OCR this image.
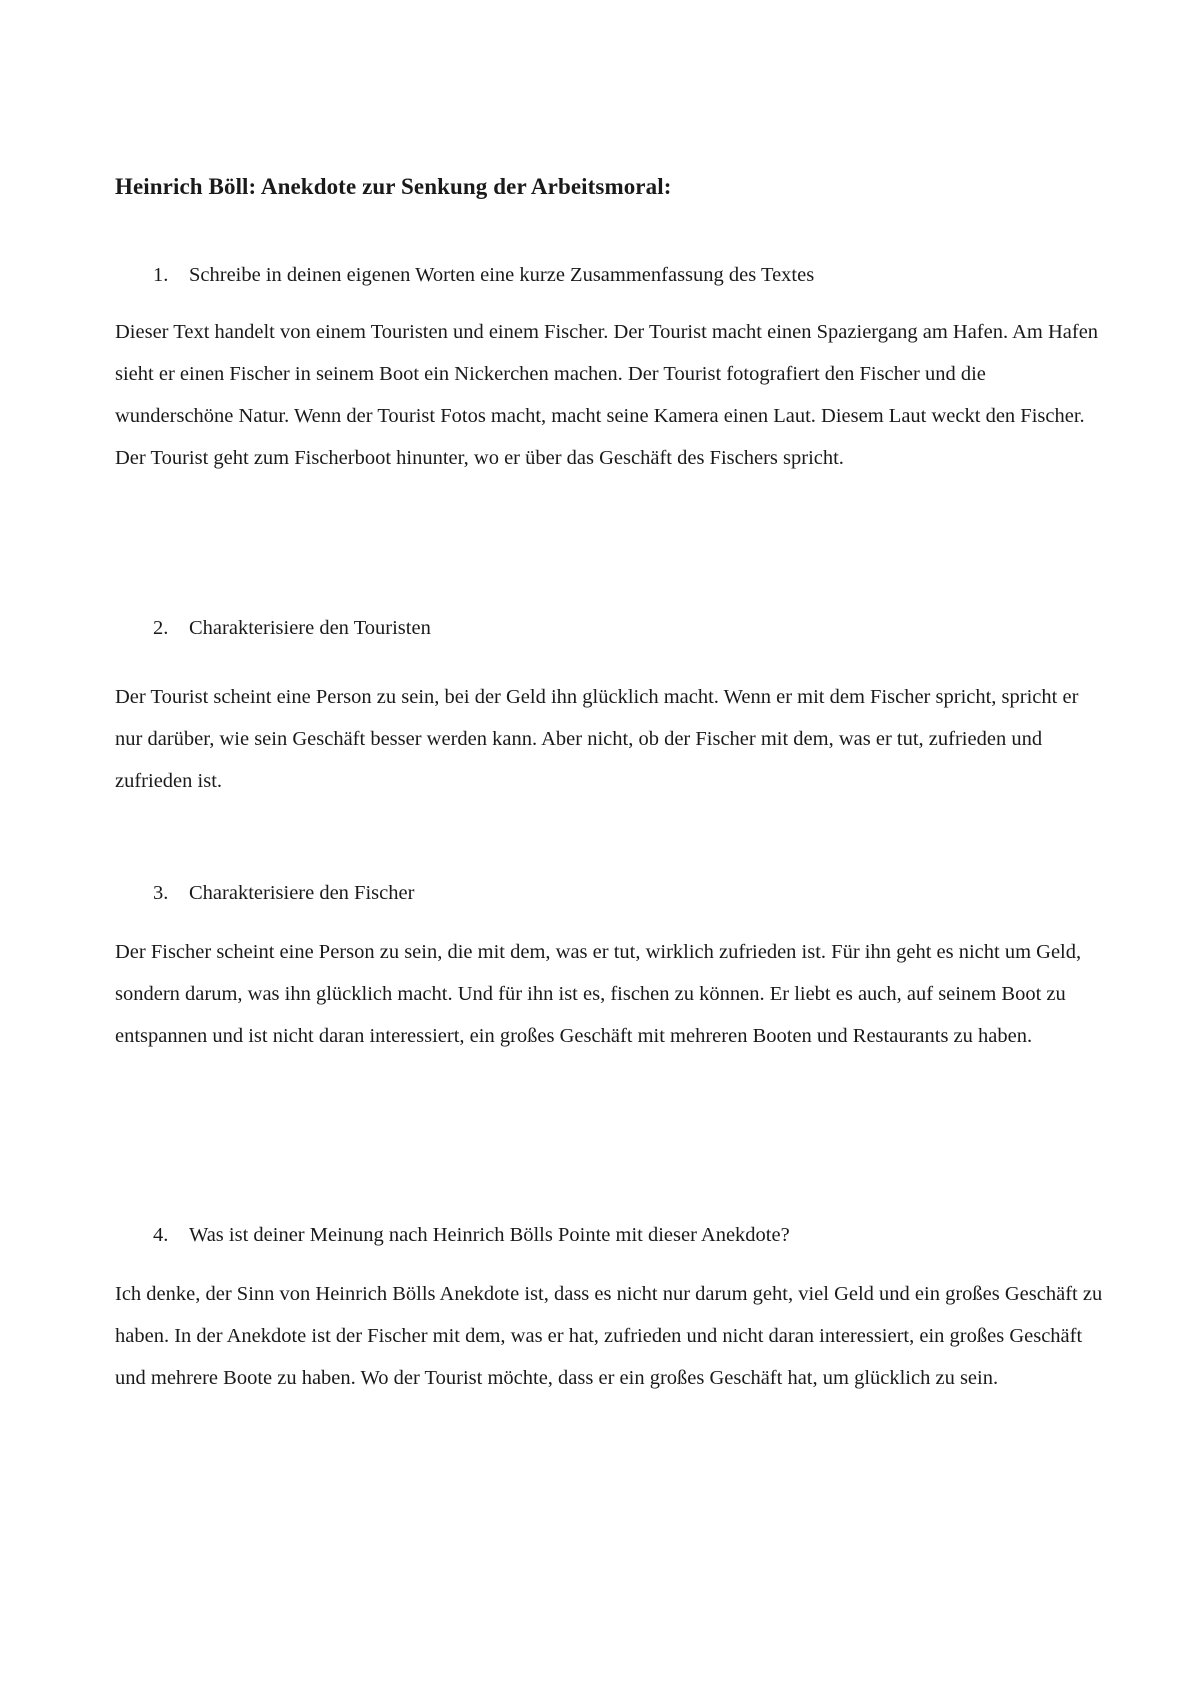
Heinrich Böll: Anekdote zur Senkung der Arbeitsmoral:

1. Schreibe in deinen eigenen Worten eine kurze Zusammenfassung des Textes

Dieser Text handelt von einem Touristen und einem Fischer. Der Tourist macht einen Spaziergang am Hafen. Am Hafen sieht er einen Fischer in seinem Boot ein Nickerchen machen. Der Tourist fotografiert den Fischer und die wunderschöne Natur. Wenn der Tourist Fotos macht, macht seine Kamera einen Laut. Diesem Laut weckt den Fischer. Der Tourist geht zum Fischerboot hinunter, wo er über das Geschäft des Fischers spricht.

2. Charakterisiere den Touristen

Der Tourist scheint eine Person zu sein, bei der Geld ihn glücklich macht. Wenn er mit dem Fischer spricht, spricht er nur darüber, wie sein Geschäft besser werden kann. Aber nicht, ob der Fischer mit dem, was er tut, zufrieden und zufrieden ist.

3. Charakterisiere den Fischer

Der Fischer scheint eine Person zu sein, die mit dem, was er tut, wirklich zufrieden ist. Für ihn geht es nicht um Geld, sondern darum, was ihn glücklich macht. Und für ihn ist es, fischen zu können. Er liebt es auch, auf seinem Boot zu entspannen und ist nicht daran interessiert, ein großes Geschäft mit mehreren Booten und Restaurants zu haben.

4. Was ist deiner Meinung nach Heinrich Bölls Pointe mit dieser Anekdote?

Ich denke, der Sinn von Heinrich Bölls Anekdote ist, dass es nicht nur darum geht, viel Geld und ein großes Geschäft zu haben. In der Anekdote ist der Fischer mit dem, was er hat, zufrieden und nicht daran interessiert, ein großes Geschäft und mehrere Boote zu haben. Wo der Tourist möchte, dass er ein großes Geschäft hat, um glücklich zu sein.
